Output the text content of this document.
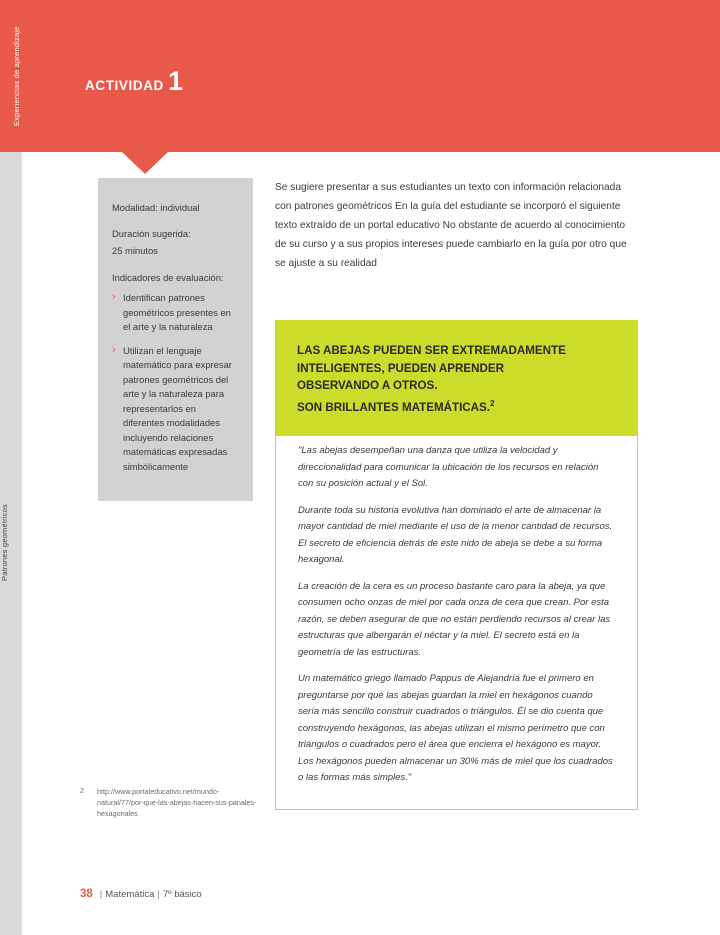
Experiencias de aprendizaje
Patrones geométricos
ACTIVIDAD 1
Modalidad: individual
Duración sugerida:
25 minutos
Indicadores de evaluación:
› Identifican patrones geométricos presentes en el arte y la naturaleza
› Utilizan el lenguaje matemático para expresar patrones geométricos del arte y la naturaleza para representarlos en diferentes modalidades incluyendo relaciones matemáticas expresadas simbólicamente
Se sugiere presentar a sus estudiantes un texto con información relacionada con patrones geométricos En la guía del estudiante se incorporó el siguiente texto extraído de un portal educativo No obstante de acuerdo al conocimiento de su curso y a sus propios intereses puede cambiarlo en la guía por otro que se ajuste a su realidad
LAS ABEJAS PUEDEN SER EXTREMADAMENTE
INTELIGENTES, PUEDEN APRENDER
OBSERVANDO A OTROS.
SON BRILLANTES MATEMÁTICAS.$^2$

"Las abejas desempeñan una danza que utiliza la velocidad y direccionalidad para comunicar la ubicación de los recursos en relación con su posición actual y el Sol.

Durante toda su historia evolutiva han dominado el arte de almacenar la mayor cantidad de miel mediante el uso de la menor cantidad de recursos. El secreto de eficiencia detrás de este nido de abeja se debe a su forma hexagonal.

La creación de la cera es un proceso bastante caro para la abeja, ya que consumen ocho onzas de miel por cada onza de cera que crean. Por esta razón, se deben asegurar de que no están perdiendo recursos al crear las estructuras que albergarán el néctar y la miel. El secreto está en la geometría de las estructuras.

Un matemático griego llamado Pappus de Alejandría fue el primero en preguntarse por qué las abejas guardan la miel en hexágonos cuando sería más sencillo construir cuadrados o triángulos. Él se dio cuenta que construyendo hexágonos, las abejas utilizan el mismo perímetro que con triángulos o cuadrados pero el área que encierra el hexágono es mayor. Los hexágonos pueden almacenar un 30% más de miel que los cuadrados o las formas más simples."

2 http://www.portaleducativo.net/mundo-natural/77/por-que-las-abejas-hacen-sus-panales-hexagonales
38 | Matemática | 7º básico
